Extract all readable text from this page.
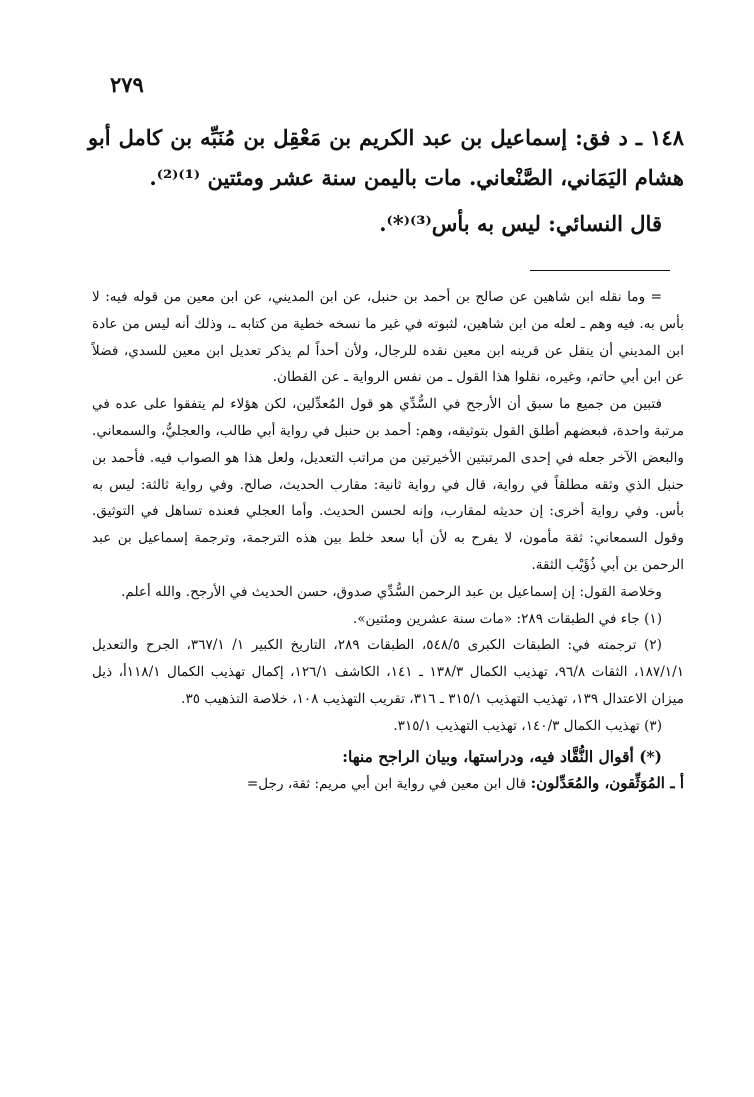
٢٧٩

١٤٨ ـ د فق: إسماعيل بن عبد الكريم بن مَعْقِل بن مُنَبِّه بن كامل أبو هشام اليَمَاني، الصَّنْعاني. مات باليمن سنة عشر ومئتين ⁽¹⁾⁽²⁾.

قال النسائي: ليس به بأس⁽³⁾⁽*⁾.

= وما نقله ابن شاهين عن صالح بن أحمد بن حنبل، عن ابن المديني، عن ابن معين من قوله فيه: لا بأس به. فيه وهم ـ لعله من ابن شاهين، لثبوته في غير ما نسخه خطية من كتابه ـ، وذلك أنه ليس من عادة ابن المديني أن ينقل عن قرينه ابن معين نقده للرجال، ولأن أحداً لم يذكر تعديل ابن معين للسدي، فضلاً عن ابن أبي حاتم، وغيره، نقلوا هذا القول ـ من نفس الرواية ـ عن القطان.

فتبين من جميع ما سبق أن الأرجح في السُّدِّي هو قول المُعدِّلين، لكن هؤلاء لم يتفقوا على عده في مرتبة واحدة، فبعضهم أطلق القول بتوثيقه، وهم: أحمد بن حنبل في رواية أبي طالب، والعجليُّ، والسمعاني. والبعض الآخر جعله في إحدى المرتبتين الأخيرتين من مراتب التعديل، ولعل هذا هو الصواب فيه. فأحمد بن حنبل الذي وثقه مطلقاً في رواية، قال في رواية ثانية: مقارب الحديث، صالح. وفي رواية ثالثة: ليس به بأس. وفي رواية أخرى: إن حديثه لمقارب، وإنه لحسن الحديث. وأما العجلي فعنده تساهل في التوثيق. وقول السمعاني: ثقة مأمون، لا يفرح به لأن أبا سعد خلط بين هذه الترجمة، وترجمة إسماعيل بن عبد الرحمن بن أبي ذُؤَيْب الثقة.

وخلاصة القول: إن إسماعيل بن عبد الرحمن السُّدِّي صدوق، حسن الحديث في الأرجح. والله أعلم.

(١) جاء في الطبقات ٢٨٩: «مات سنة عشرين ومئتين».

(٢) ترجمته في: الطبقات الكبرى ٥٤٨/٥، الطبقات ٢٨٩، التاريخ الكبير ١/ ٣٦٧/١، الجرح والتعديل ١٨٧/١/١، الثقات ٩٦/٨، تهذيب الكمال ١٣٨/٣ ـ ١٤١، الكاشف ١٢٦/١، إكمال تهذيب الكمال ١١٨/١أ، ذيل ميزان الاعتدال ١٣٩، تهذيب التهذيب ٣١٥/١ ـ ٣١٦، تقريب التهذيب ١٠٨، خلاصة التذهيب ٣٥.

(٣) تهذيب الكمال ١٤٠/٣، تهذيب التهذيب ٣١٥/١.

(*) أقوال النُّقَّاد فيه، ودراستها، وبيان الراجح منها:

أ ـ المُوَثِّقون، والمُعَدِّلون: قال ابن معين في رواية ابن أبي مريم: ثقة، رجل=
